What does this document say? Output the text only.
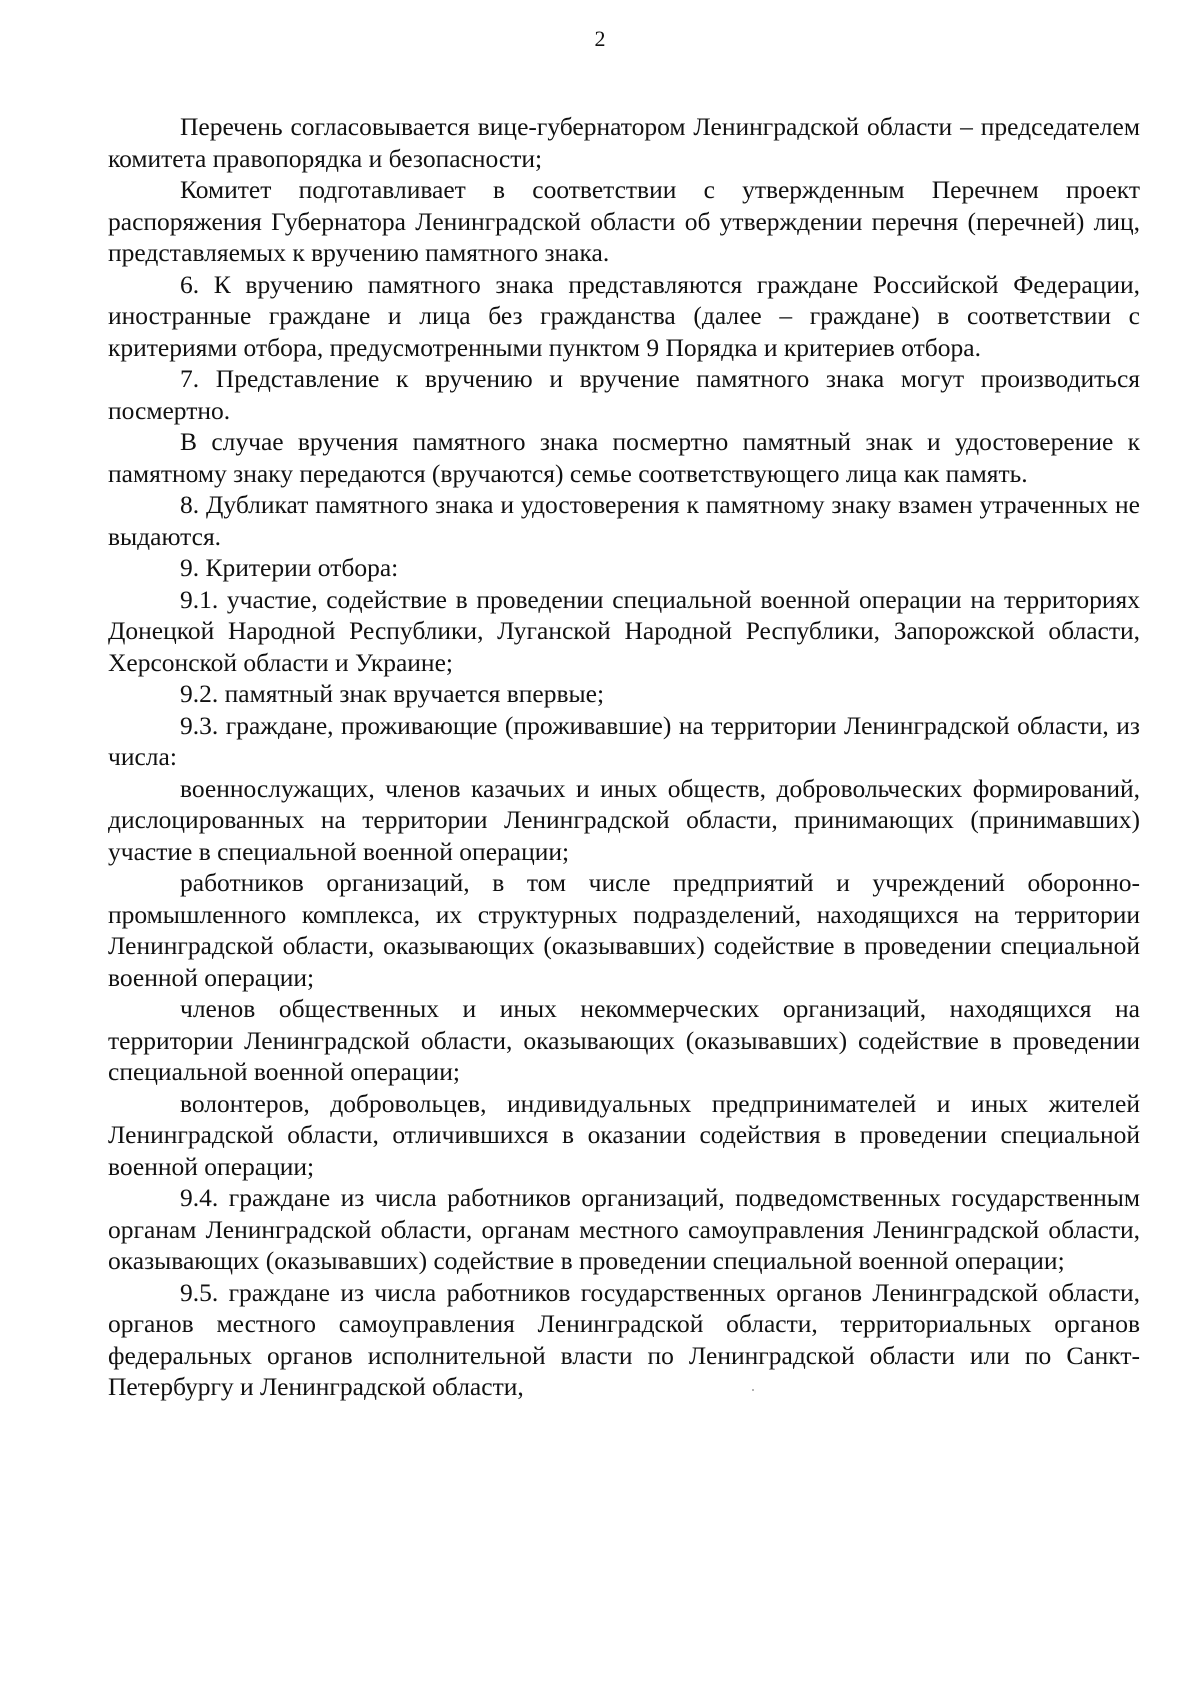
2

Перечень согласовывается вице-губернатором Ленинградской области – председателем комитета правопорядка и безопасности;

Комитет подготавливает в соответствии с утвержденным Перечнем проект распоряжения Губернатора Ленинградской области об утверждении перечня (перечней) лиц, представляемых к вручению памятного знака.

6. К вручению памятного знака представляются граждане Российской Федерации, иностранные граждане и лица без гражданства (далее – граждане) в соответствии с критериями отбора, предусмотренными пунктом 9 Порядка и критериев отбора.

7. Представление к вручению и вручение памятного знака могут производиться посмертно.

В случае вручения памятного знака посмертно памятный знак и удостоверение к памятному знаку передаются (вручаются) семье соответствующего лица как память.

8. Дубликат памятного знака и удостоверения к памятному знаку взамен утраченных не выдаются.

9. Критерии отбора:

9.1. участие, содействие в проведении специальной военной операции на территориях Донецкой Народной Республики, Луганской Народной Республики, Запорожской области, Херсонской области и Украине;

9.2. памятный знак вручается впервые;

9.3. граждане, проживающие (проживавшие) на территории Ленинградской области, из числа:

военнослужащих, членов казачьих и иных обществ, добровольческих формирований, дислоцированных на территории Ленинградской области, принимающих (принимавших) участие в специальной военной операции;

работников организаций, в том числе предприятий и учреждений оборонно-промышленного комплекса, их структурных подразделений, находящихся на территории Ленинградской области, оказывающих (оказывавших) содействие в проведении специальной военной операции;

членов общественных и иных некоммерческих организаций, находящихся на территории Ленинградской области, оказывающих (оказывавших) содействие в проведении специальной военной операции;

волонтеров, добровольцев, индивидуальных предпринимателей и иных жителей Ленинградской области, отличившихся в оказании содействия в проведении специальной военной операции;

9.4. граждане из числа работников организаций, подведомственных государственным органам Ленинградской области, органам местного самоуправления Ленинградской области, оказывающих (оказывавших) содействие в проведении специальной военной операции;

9.5. граждане из числа работников государственных органов Ленинградской области, органов местного самоуправления Ленинградской области, территориальных органов федеральных органов исполнительной власти по Ленинградской области или по Санкт-Петербургу и Ленинградской области,
